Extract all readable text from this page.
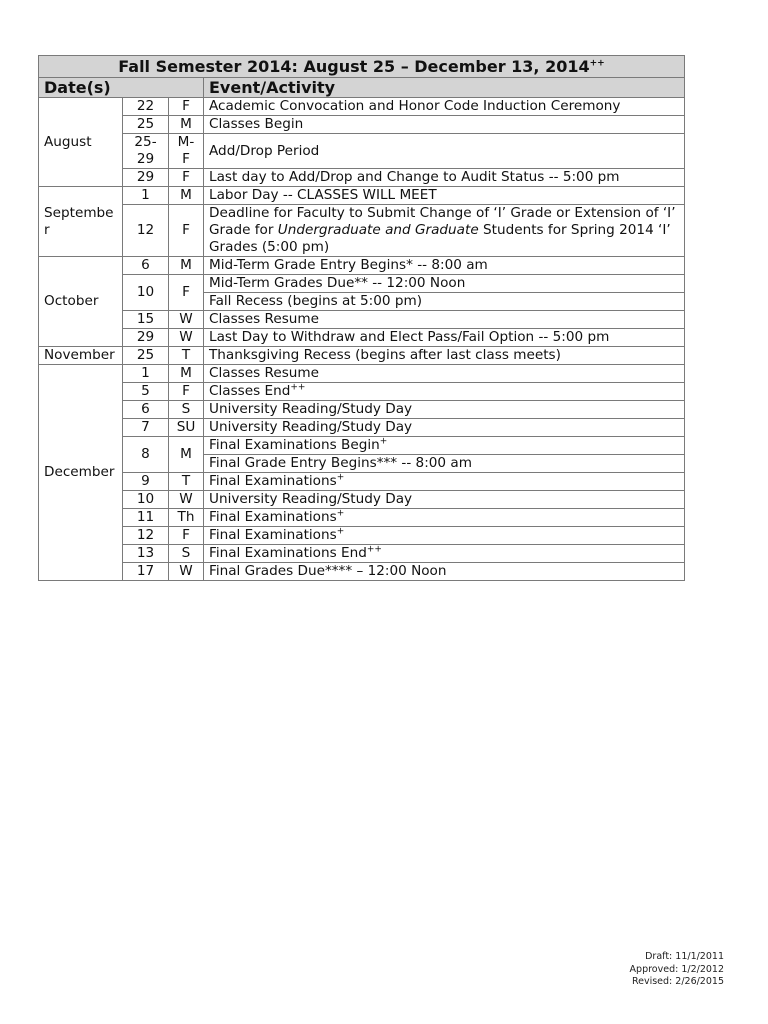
Fall Semester 2014: August 25 – December 13, 2014++
Date(s)			Event/Activity
August	22	F	Academic Convocation and Honor Code Induction Ceremony
	25	M	Classes Begin
	25-29	M-F	Add/Drop Period
	29	F	Last day to Add/Drop and Change to Audit Status -- 5:00 pm
September	1	M	Labor Day -- CLASSES WILL MEET
	12	F	Deadline for Faculty to Submit Change of ‘I’ Grade or Extension of ‘I’ Grade for Undergraduate and Graduate Students for Spring 2014 ‘I’ Grades (5:00 pm)
October	6	M	Mid-Term Grade Entry Begins* -- 8:00 am
	10	F	Mid-Term Grades Due** -- 12:00 Noon
			Fall Recess (begins at 5:00 pm)
	15	W	Classes Resume
	29	W	Last Day to Withdraw and Elect Pass/Fail Option -- 5:00 pm
November	25	T	Thanksgiving Recess (begins after last class meets)
December	1	M	Classes Resume
	5	F	Classes End++
	6	S	University Reading/Study Day
	7	SU	University Reading/Study Day
	8	M	Final Examinations Begin+
			Final Grade Entry Begins*** -- 8:00 am
	9	T	Final Examinations+
	10	W	University Reading/Study Day
	11	Th	Final Examinations+
	12	F	Final Examinations+
	13	S	Final Examinations End++
	17	W	Final Grades Due**** – 12:00 Noon
Draft: 11/1/2011
Approved: 1/2/2012
Revised: 2/26/2015
